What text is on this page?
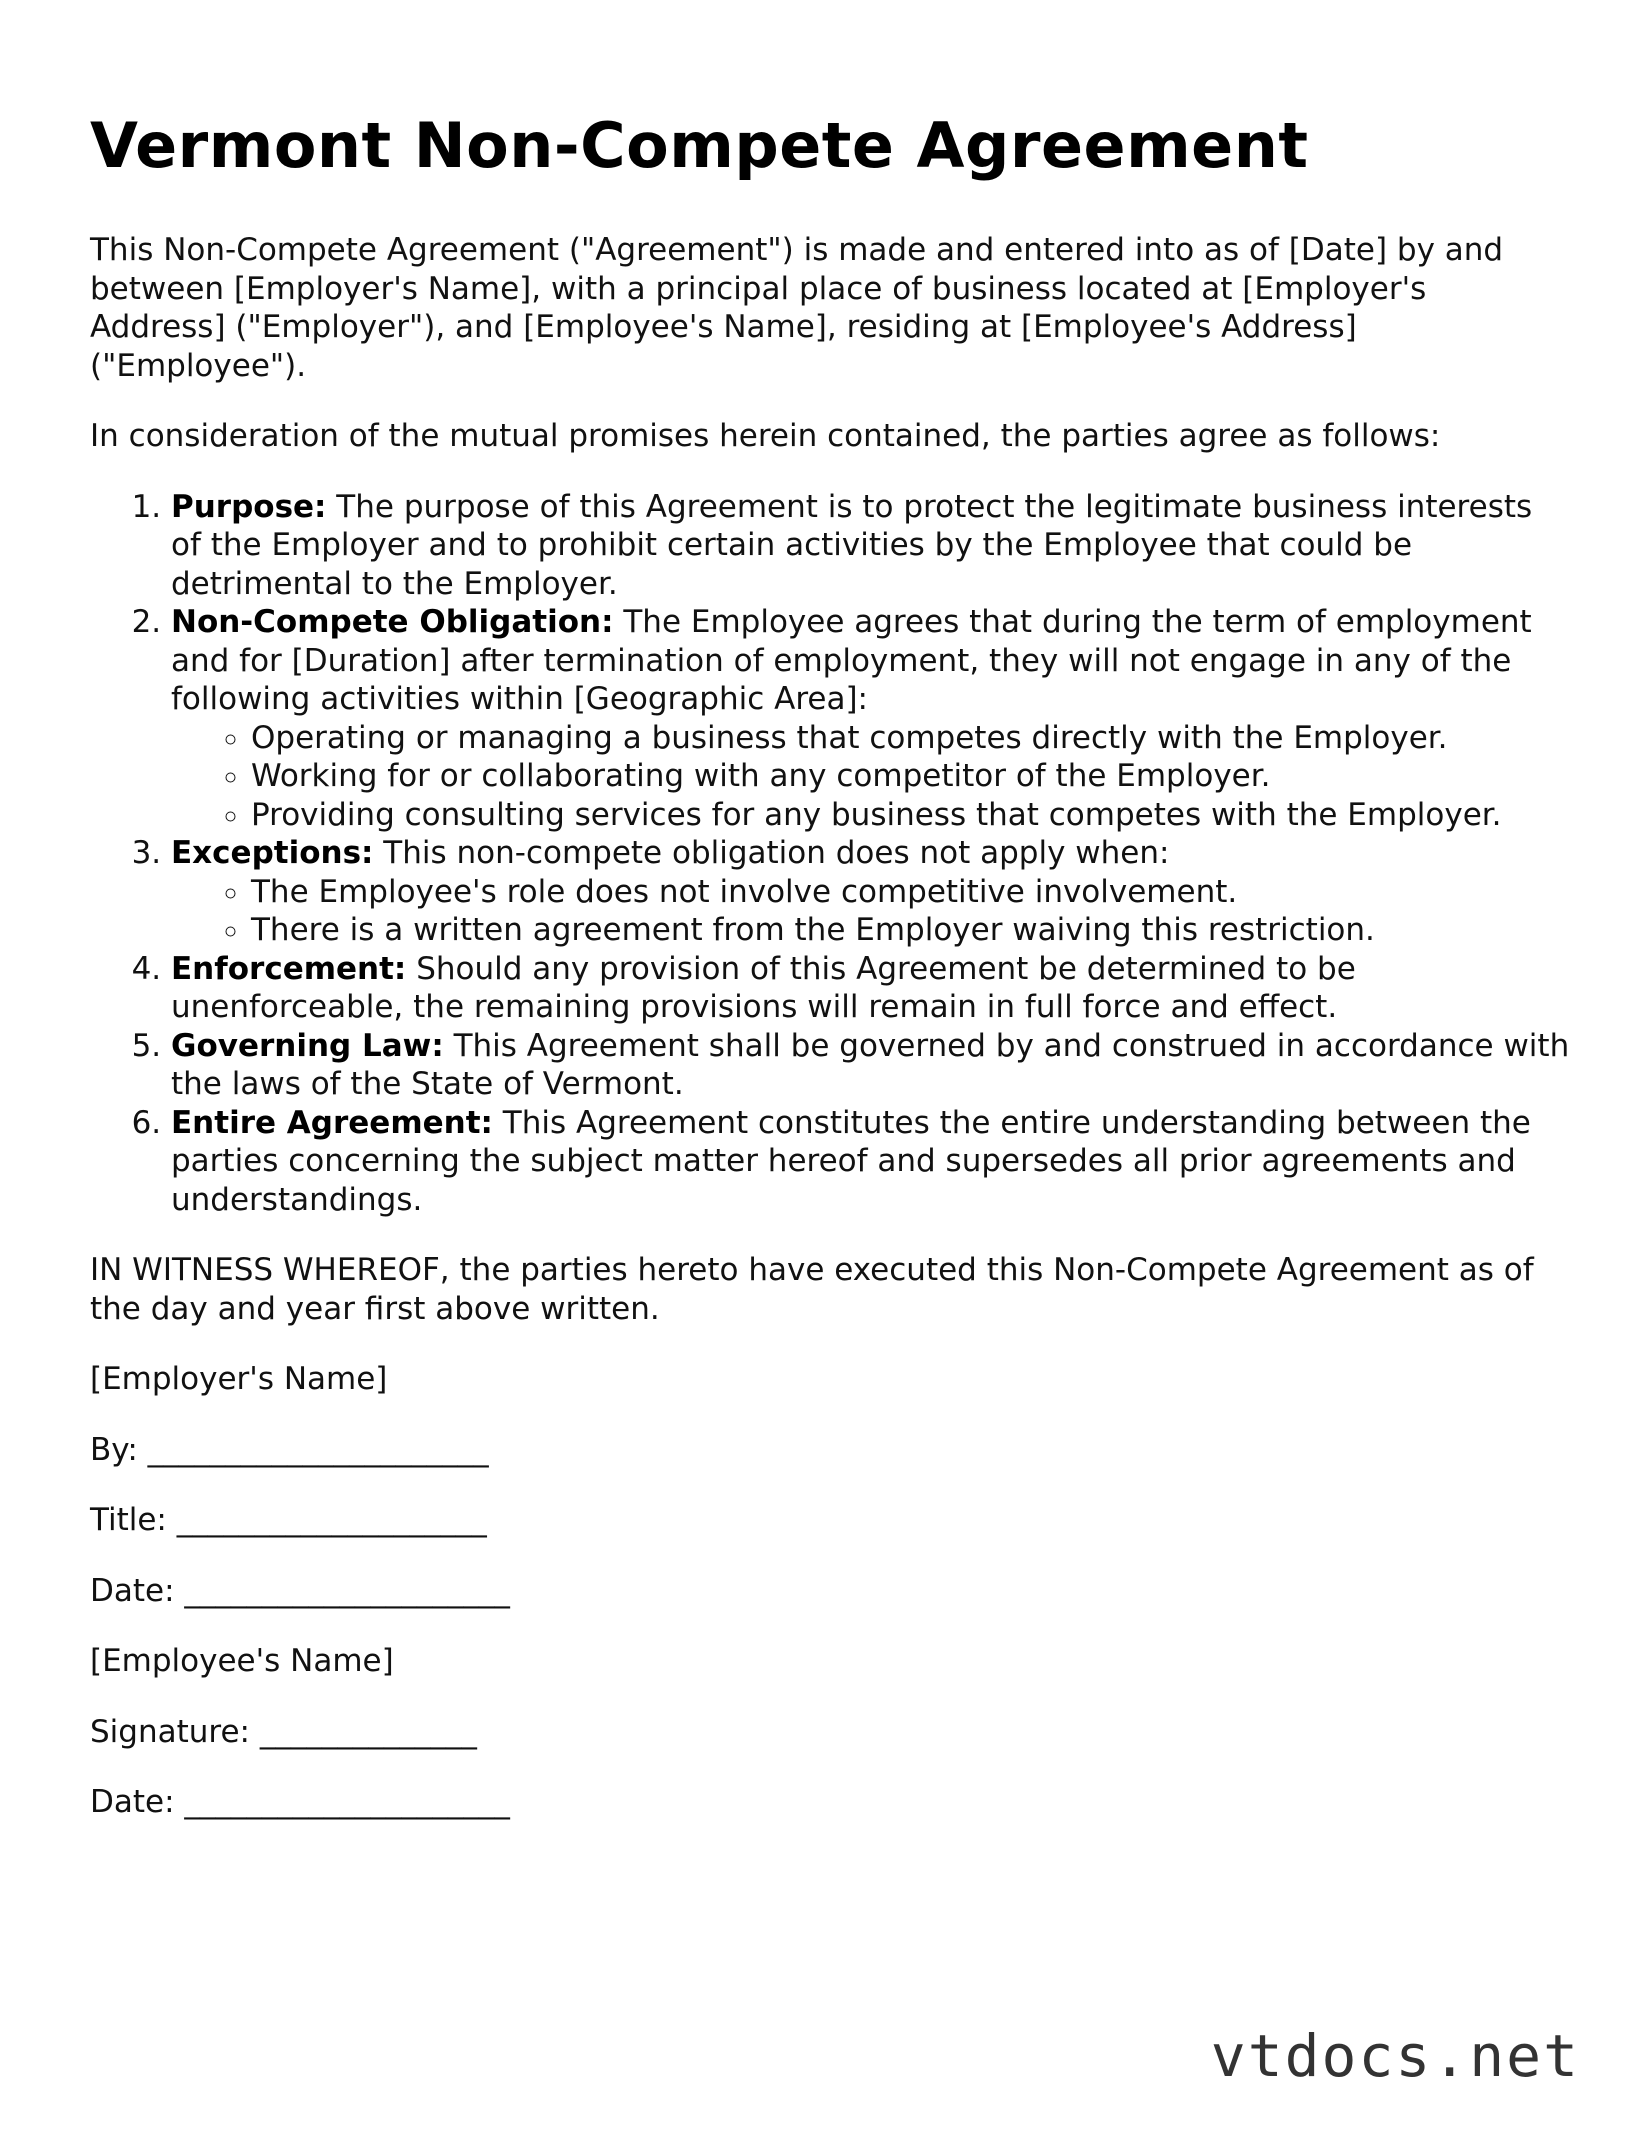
Vermont Non-Compete Agreement

This Non-Compete Agreement ("Agreement") is made and entered into as of [Date] by and between [Employer's Name], with a principal place of business located at [Employer's Address] ("Employer"), and [Employee's Name], residing at [Employee's Address] ("Employee").

In consideration of the mutual promises herein contained, the parties agree as follows:

1. Purpose: The purpose of this Agreement is to protect the legitimate business interests of the Employer and to prohibit certain activities by the Employee that could be detrimental to the Employer.
2. Non-Compete Obligation: The Employee agrees that during the term of employment and for [Duration] after termination of employment, they will not engage in any of the following activities within [Geographic Area]:
◦ Operating or managing a business that competes directly with the Employer.
◦ Working for or collaborating with any competitor of the Employer.
◦ Providing consulting services for any business that competes with the Employer.
3. Exceptions: This non-compete obligation does not apply when:
◦ The Employee's role does not involve competitive involvement.
◦ There is a written agreement from the Employer waiving this restriction.
4. Enforcement: Should any provision of this Agreement be determined to be unenforceable, the remaining provisions will remain in full force and effect.
5. Governing Law: This Agreement shall be governed by and construed in accordance with the laws of the State of Vermont.
6. Entire Agreement: This Agreement constitutes the entire understanding between the parties concerning the subject matter hereof and supersedes all prior agreements and understandings.

IN WITNESS WHEREOF, the parties hereto have executed this Non-Compete Agreement as of the day and year first above written.

[Employer's Name]
By: ______________________
Title: ____________________
Date: _____________________
[Employee's Name]
Signature: ______________
Date: _____________________
vtdocs.net
